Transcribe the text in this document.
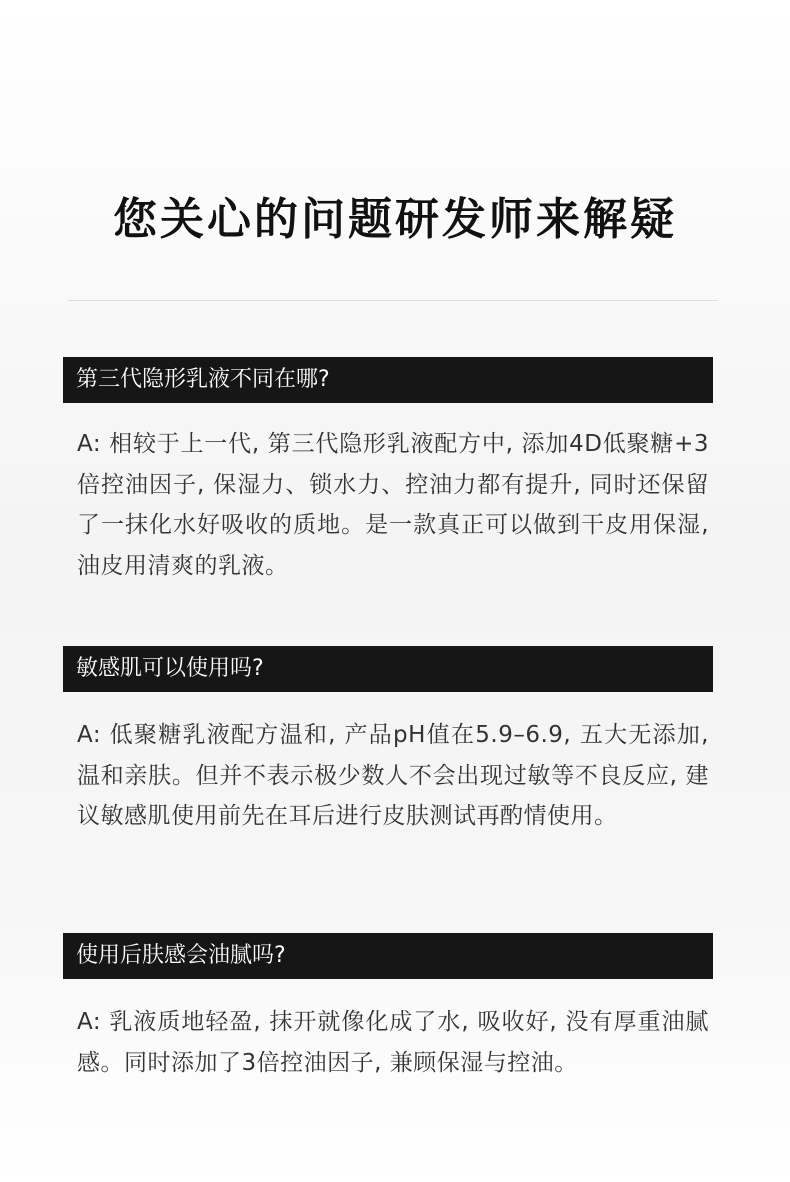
您关心的问题研发师来解疑
第三代隐形乳液不同在哪?

A: 相较于上一代, 第三代隐形乳液配方中, 添加4D低聚糖+3倍控油因子, 保湿力、锁水力、控油力都有提升, 同时还保留了一抹化水好吸收的质地。是一款真正可以做到干皮用保湿, 油皮用清爽的乳液。

敏感肌可以使用吗?

A: 低聚糖乳液配方温和, 产品pH值在5.9–6.9, 五大无添加, 温和亲肤。但并不表示极少数人不会出现过敏等不良反应, 建议敏感肌使用前先在耳后进行皮肤测试再酌情使用。

使用后肤感会油腻吗?

A: 乳液质地轻盈, 抹开就像化成了水, 吸收好, 没有厚重油腻感。同时添加了3倍控油因子, 兼顾保湿与控油。
